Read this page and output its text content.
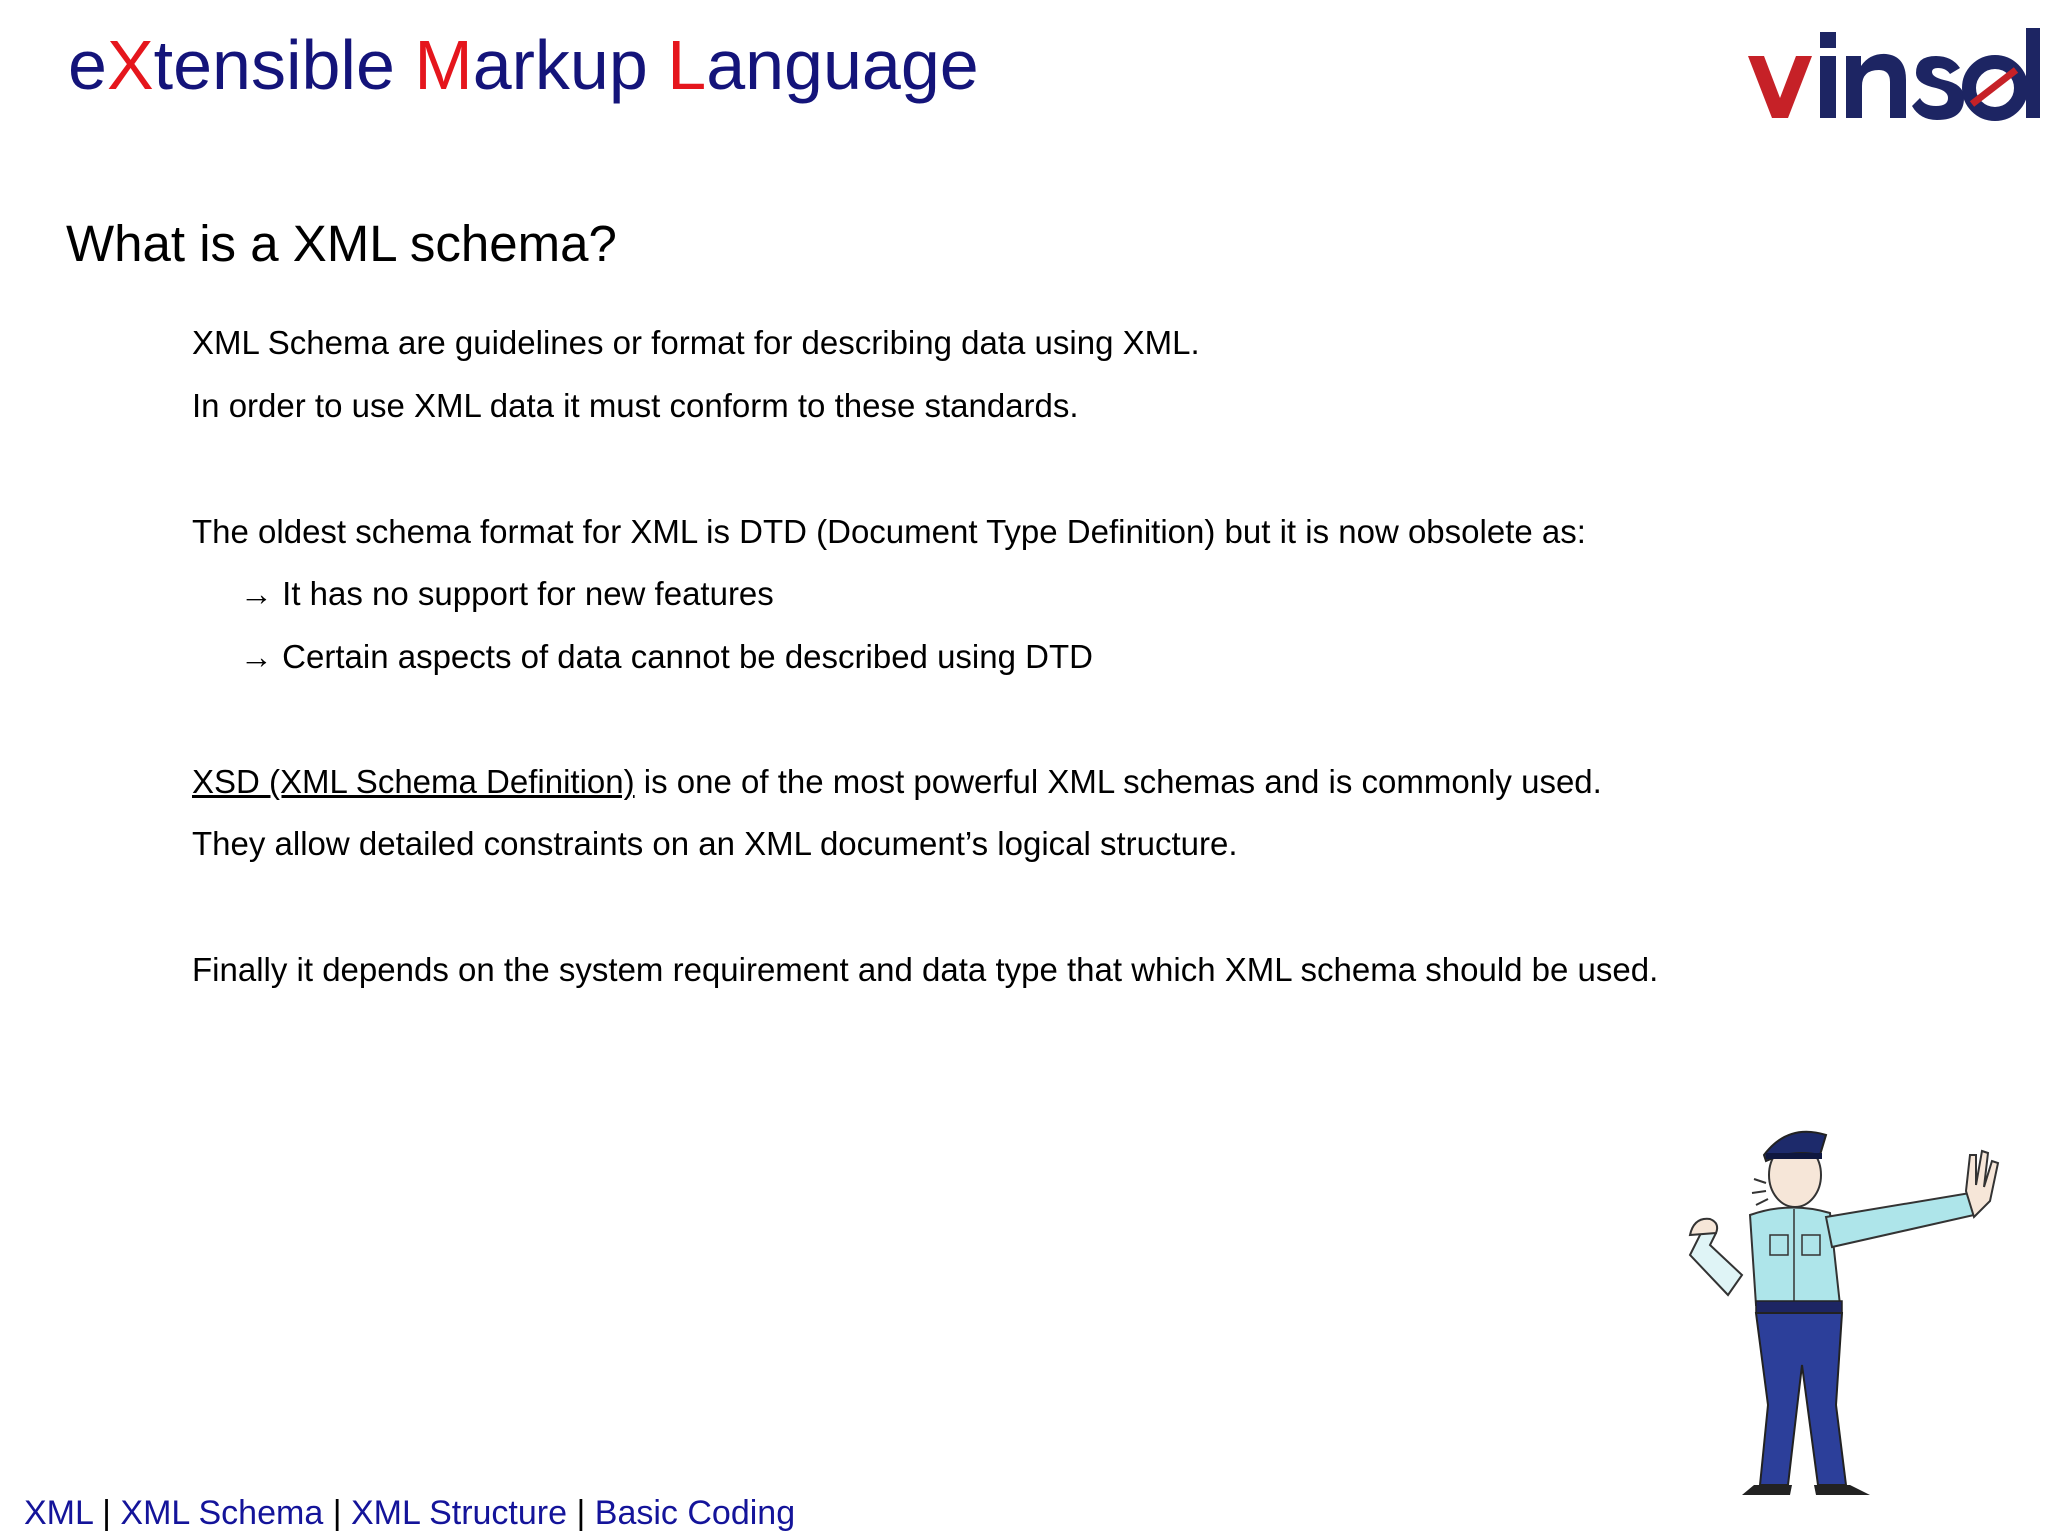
eXtensible Markup Language
vinsol
What is a XML schema?
XML Schema are guidelines or format for describing data using XML.
In order to use XML data it must conform to these standards.
The oldest schema format for XML is DTD (Document Type Definition) but it is now obsolete as:
→ It has no support for new features
→ Certain aspects of data cannot be described using DTD
XSD (XML Schema Definition) is one of the most powerful XML schemas and is commonly used.
They allow detailed constraints on an XML document’s logical structure.
Finally it depends on the system requirement and data type that which XML schema should be used.
XML | XML Schema | XML Structure | Basic Coding
